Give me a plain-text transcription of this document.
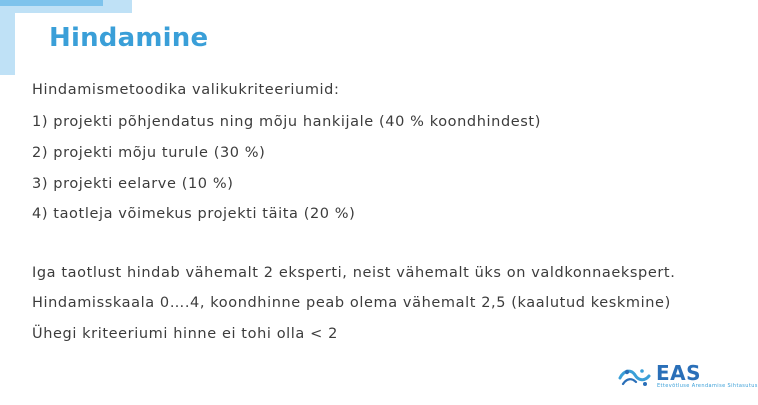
Hindamine

Hindamismetoodika valikukriteeriumid:

1) projekti põhjendatus ning mõju hankijale (40 % koondhindest)

2) projekti mõju turule (30 %)

3) projekti eelarve (10 %)

4) taotleja võimekus projekti täita (20 %)

Iga taotlust hindab vähemalt 2 eksperti, neist vähemalt üks on valdkonnaekspert.

Hindamisskaala 0….4, koondhinne peab olema vähemalt 2,5 (kaalutud keskmine)

Ühegi kriteeriumi hinne ei tohi olla < 2

EAS
Ettevõtluse Arendamise Sihtasutus
